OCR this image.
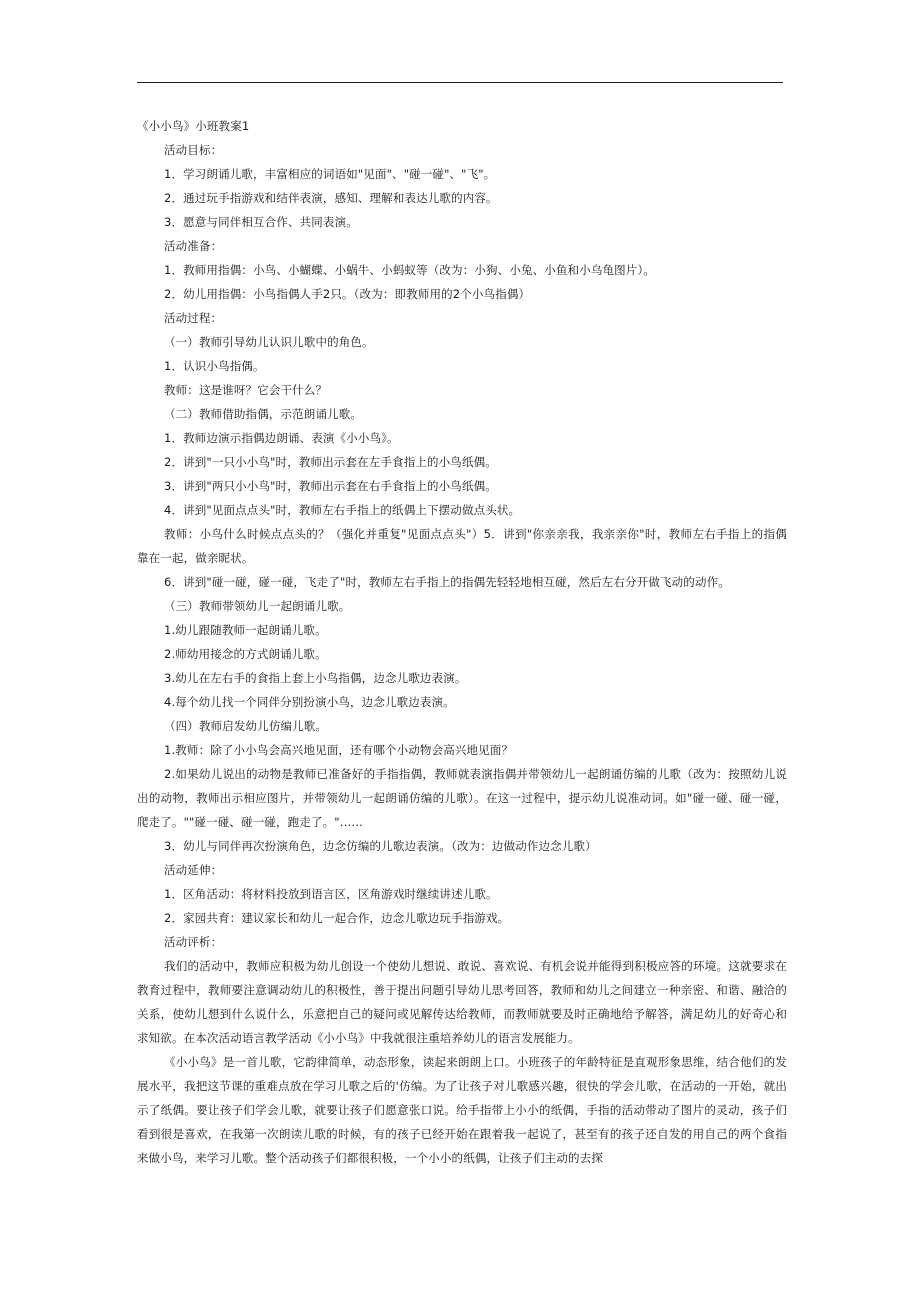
《小小鸟》小班教案1
活动目标：
1．学习朗诵儿歌，丰富相应的词语如"见面"、"碰一碰"、"飞"。
2．通过玩手指游戏和结伴表演，感知、理解和表达儿歌的内容。
3．愿意与同伴相互合作、共同表演。
活动准备：
1．教师用指偶：小鸟、小蝴蝶、小蜗牛、小蚂蚁等（改为：小狗、小兔、小鱼和小乌龟图片）。
2．幼儿用指偶：小鸟指偶人手2只。（改为：即教师用的2个小鸟指偶）
活动过程：
（一）教师引导幼儿认识儿歌中的角色。
1．认识小鸟指偶。
教师：这是谁呀？它会干什么？
（二）教师借助指偶，示范朗诵儿歌。
1．教师边演示指偶边朗诵、表演《小小鸟》。
2．讲到"一只小小鸟"时，教师出示套在左手食指上的小鸟纸偶。
3．讲到"两只小小鸟"时，教师出示套在右手食指上的小鸟纸偶。
4．讲到"见面点点头"时，教师左右手指上的纸偶上下摆动做点头状。
教师：小鸟什么时候点点头的？（强化并重复"见面点点头"）5．讲到"你亲亲我，我亲亲你"时，教师左右手指上的指偶靠在一起，做亲昵状。
6．讲到"碰一碰，碰一碰，飞走了"时，教师左右手指上的指偶先轻轻地相互碰，然后左右分开做飞动的动作。
（三）教师带领幼儿一起朗诵儿歌。
1.幼儿跟随教师一起朗诵儿歌。
2.师幼用接念的方式朗诵儿歌。
3.幼儿在左右手的食指上套上小鸟指偶，边念儿歌边表演。
4.每个幼儿找一个同伴分别扮演小鸟，边念儿歌边表演。
（四）教师启发幼儿仿编儿歌。
1.教师：除了小小鸟会高兴地见面，还有哪个小动物会高兴地见面？
2.如果幼儿说出的动物是教师已准备好的手指指偶，教师就表演指偶并带领幼儿一起朗诵仿编的儿歌（改为：按照幼儿说出的动物，教师出示相应图片，并带领幼儿一起朗诵仿编的儿歌）。在这一过程中，提示幼儿说准动词。如"碰一碰、碰一碰，爬走了。""碰一碰、碰一碰，跑走了。"……
3．幼儿与同伴再次扮演角色，边念仿编的儿歌边表演。（改为：边做动作边念儿歌）
活动延伸：
1．区角活动：将材料投放到语言区，区角游戏时继续讲述儿歌。
2．家园共育：建议家长和幼儿一起合作，边念儿歌边玩手指游戏。
活动评析：
我们的活动中，教师应积极为幼儿创设一个使幼儿想说、敢说、喜欢说、有机会说并能得到积极应答的环境。这就要求在教育过程中，教师要注意调动幼儿的积极性，善于提出问题引导幼儿思考回答，教师和幼儿之间建立一种亲密、和谐、融洽的关系，使幼儿想到什么说什么，乐意把自己的疑问或见解传达给教师，而教师就要及时正确地给予解答，满足幼儿的好奇心和求知欲。在本次活动语言教学活动《小小鸟》中我就很注重培养幼儿的语言发展能力。
《小小鸟》是一首儿歌，它韵律简单，动态形象，读起来朗朗上口。小班孩子的年龄特征是直观形象思维，结合他们的发展水平，我把这节课的重难点放在学习儿歌之后的'仿编。为了让孩子对儿歌感兴趣，很快的学会儿歌，在活动的一开始，就出示了纸偶。要让孩子们学会儿歌，就要让孩子们愿意张口说。给手指带上小小的纸偶，手指的活动带动了图片的灵动，孩子们看到很是喜欢，在我第一次朗读儿歌的时候，有的孩子已经开始在跟着我一起说了，甚至有的孩子还自发的用自己的两个食指来做小鸟，来学习儿歌。整个活动孩子们都很积极，一个小小的纸偶，让孩子们主动的去探
